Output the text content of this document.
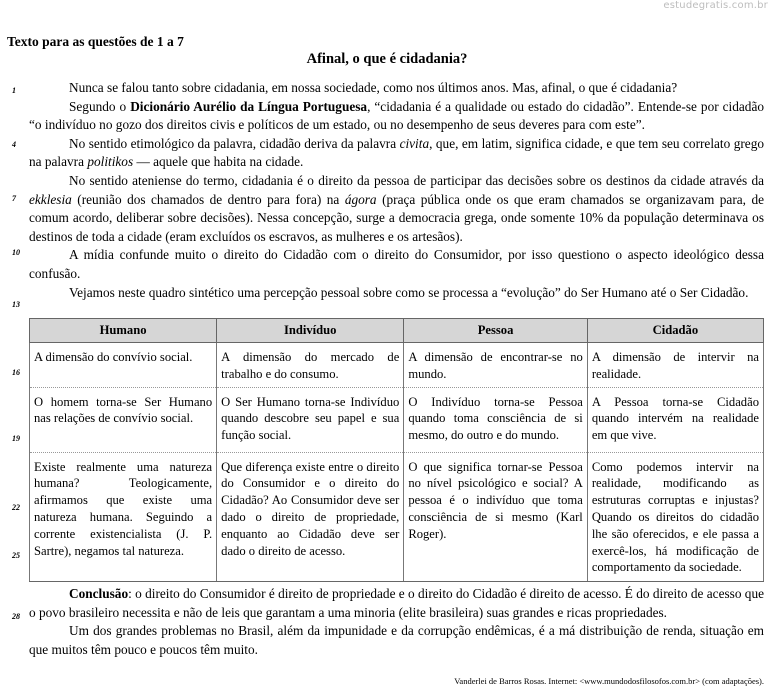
estudegratis.com.br
Texto para as questões de 1 a 7
Afinal, o que é cidadania?
1
4
7
10
13
16
19
22
25
28

Nunca se falou tanto sobre cidadania, em nossa sociedade, como nos últimos anos. Mas, afinal, o que é cidadania?

Segundo o Dicionário Aurélio da Língua Portuguesa, “cidadania é a qualidade ou estado do cidadão”. Entende-se por cidadão “o indivíduo no gozo dos direitos civis e políticos de um estado, ou no desempenho de seus deveres para com este”.

No sentido etimológico da palavra, cidadão deriva da palavra civita, que, em latim, significa cidade, e que tem seu correlato grego na palavra politikos — aquele que habita na cidade.

No sentido ateniense do termo, cidadania é o direito da pessoa de participar das decisões sobre os destinos da cidade através da ekklesia (reunião dos chamados de dentro para fora) na ágora (praça pública onde os que eram chamados se organizavam para, de comum acordo, deliberar sobre decisões). Nessa concepção, surge a democracia grega, onde somente 10% da população determinava os destinos de toda a cidade (eram excluídos os escravos, as mulheres e os artesãos).

A mídia confunde muito o direito do Cidadão com o direito do Consumidor, por isso questiono o aspecto ideológico dessa confusão.

Vejamos neste quadro sintético uma percepção pessoal sobre como se processa a “evolução” do Ser Humano até o Ser Cidadão.

Humano	Indivíduo	Pessoa	Cidadão
A dimensão do convívio social.	A dimensão do mercado de trabalho e do consumo.	A dimensão de encontrar-se no mundo.	A dimensão de intervir na realidade.
O homem torna-se Ser Humano nas relações de convívio social.	O Ser Humano torna-se Indivíduo quando descobre seu papel e sua função social.	O Indivíduo torna-se Pessoa quando toma consciência de si mesmo, do outro e do mundo.	A Pessoa torna-se Cidadão quando intervém na realidade em que vive.
Existe realmente uma natureza humana? Teologicamente, afirmamos que existe uma natureza humana. Seguindo a corrente existencialista (J. P. Sartre), negamos tal natureza.	Que diferença existe entre o direito do Consumidor e o direito do Cidadão? Ao Consumidor deve ser dado o direito de propriedade, enquanto ao Cidadão deve ser dado o direito de acesso.	O que significa tornar-se Pessoa no nível psicológico e social? A pessoa é o indivíduo que toma consciência de si mesmo (Karl Roger).	Como podemos intervir na realidade, modificando as estruturas corruptas e injustas? Quando os direitos do cidadão lhe são oferecidos, e ele passa a exercê-los, há modificação de comportamento da sociedade.

Conclusão: o direito do Consumidor é direito de propriedade e o direito do Cidadão é direito de acesso. É do direito de acesso que o povo brasileiro necessita e não de leis que garantam a uma minoria (elite brasileira) suas grandes e ricas propriedades.

Um dos grandes problemas no Brasil, além da impunidade e da corrupção endêmicas, é a má distribuição de renda, situação em que muitos têm pouco e poucos têm muito.

Vanderlei de Barros Rosas. Internet: <www.mundodosfilosofos.com.br> (com adaptações).
